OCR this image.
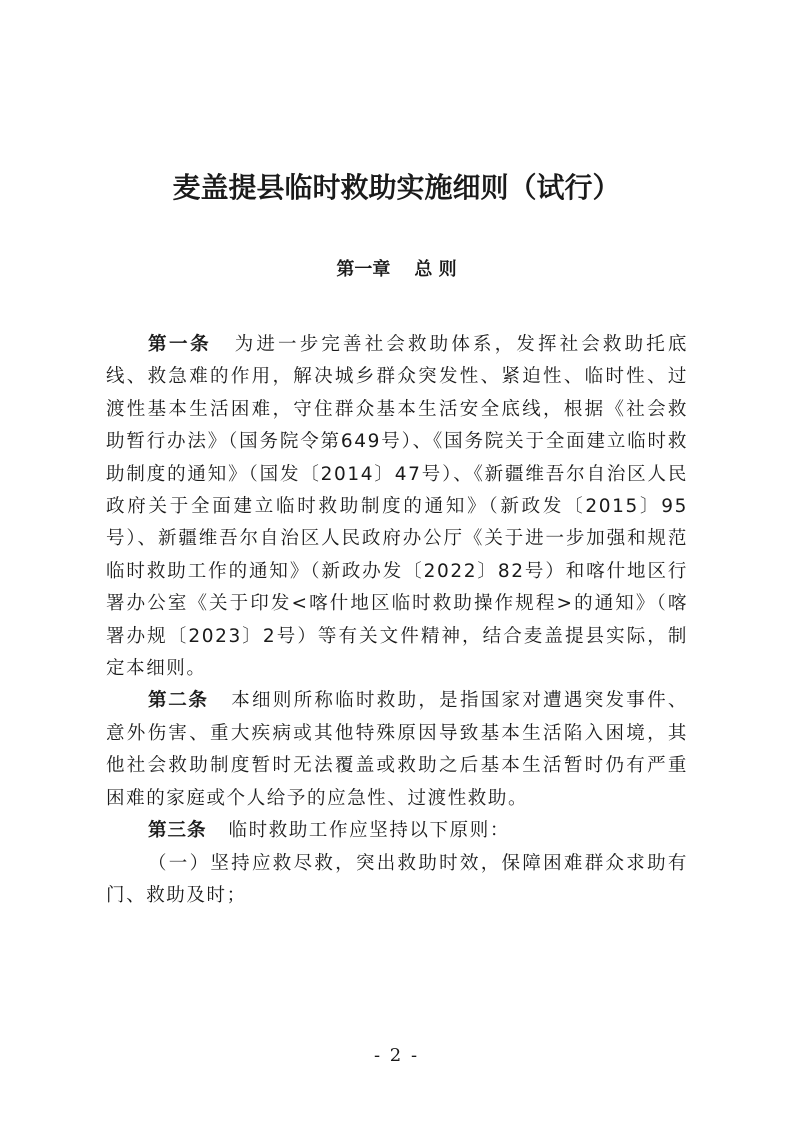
麦盖提县临时救助实施细则（试行）
第一章 总 则

第一条 为进一步完善社会救助体系，发挥社会救助托底线、救急难的作用，解决城乡群众突发性、紧迫性、临时性、过渡性基本生活困难，守住群众基本生活安全底线，根据《社会救助暂行办法》（国务院令第649号）、《国务院关于全面建立临时救助制度的通知》（国发〔2014〕47号）、《新疆维吾尔自治区人民政府关于全面建立临时救助制度的通知》（新政发〔2015〕95号）、新疆维吾尔自治区人民政府办公厅《关于进一步加强和规范临时救助工作的通知》（新政办发〔2022〕82号）和喀什地区行署办公室《关于印发<喀什地区临时救助操作规程>的通知》（喀署办规〔2023〕2号）等有关文件精神，结合麦盖提县实际，制定本细则。

第二条 本细则所称临时救助，是指国家对遭遇突发事件、意外伤害、重大疾病或其他特殊原因导致基本生活陷入困境，其他社会救助制度暂时无法覆盖或救助之后基本生活暂时仍有严重困难的家庭或个人给予的应急性、过渡性救助。

第三条 临时救助工作应坚持以下原则：

（一）坚持应救尽救，突出救助时效，保障困难群众求助有门、救助及时；

- 2 -
